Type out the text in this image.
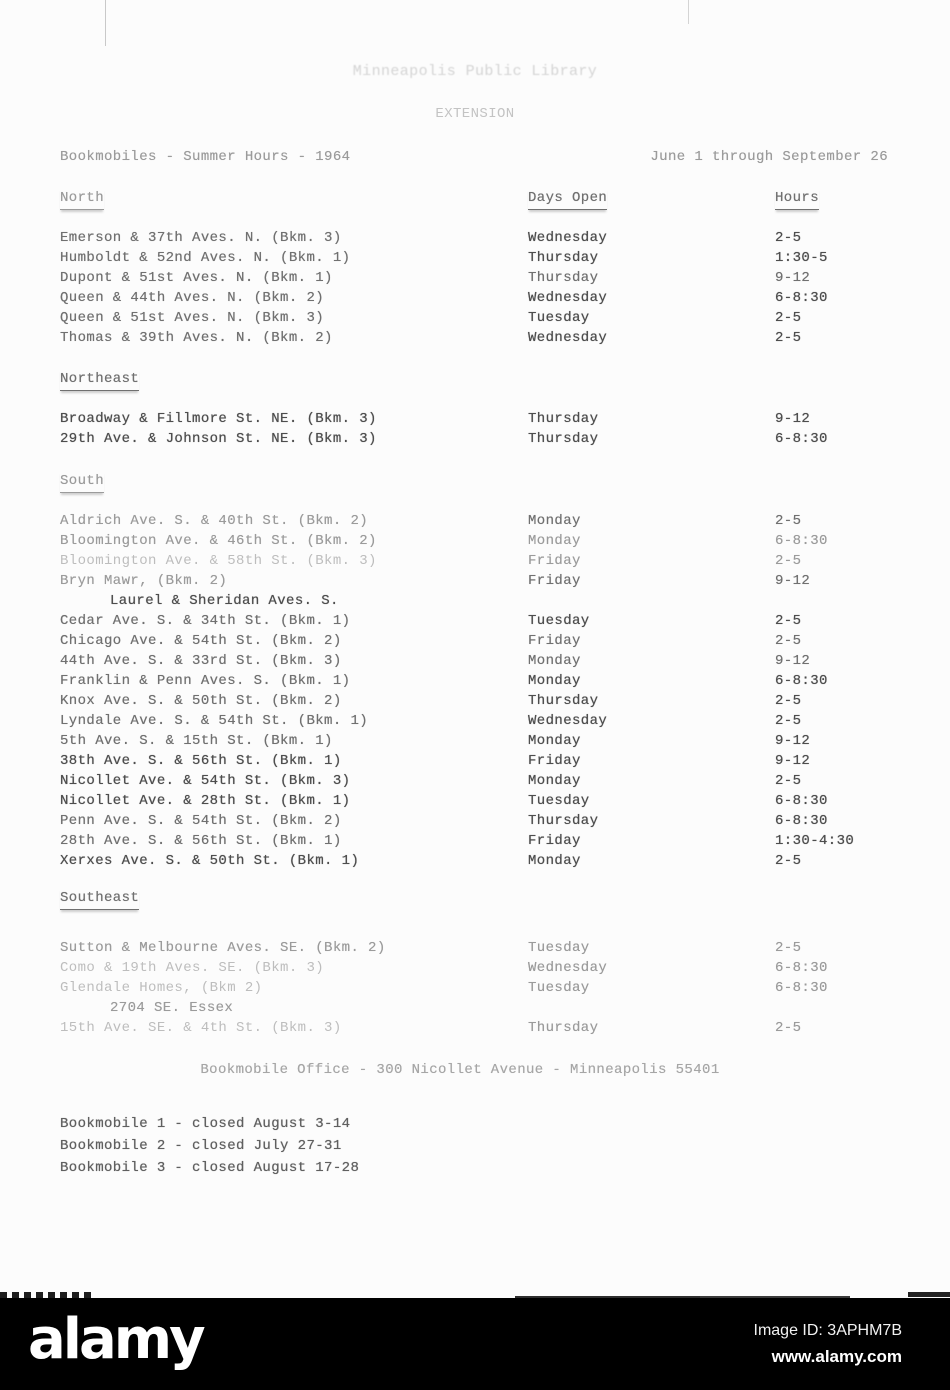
Minneapolis Public Library
EXTENSION
Bookmobiles - Summer Hours - 1964	June 1 through September 26
North	Days Open	Hours
Emerson & 37th Aves. N. (Bkm. 3)	Wednesday	2-5
Humboldt & 52nd Aves. N. (Bkm. 1)	Thursday	1:30-5
Dupont & 51st Aves. N. (Bkm. 1)	Thursday	9-12
Queen & 44th Aves. N. (Bkm. 2)	Wednesday	6-8:30
Queen & 51st Aves. N. (Bkm. 3)	Tuesday	2-5
Thomas & 39th Aves. N. (Bkm. 2)	Wednesday	2-5
Northeast
Broadway & Fillmore St. NE. (Bkm. 3)	Thursday	9-12
29th Ave. & Johnson St. NE. (Bkm. 3)	Thursday	6-8:30
South
Aldrich Ave. S. & 40th St. (Bkm. 2)	Monday	2-5
Bloomington Ave. & 46th St. (Bkm. 2)	Monday	6-8:30
Bloomington Ave. & 58th St. (Bkm. 3)	Friday	2-5
Bryn Mawr, (Bkm. 2)	Friday	9-12
Laurel & Sheridan Aves. S.
Cedar Ave. S. & 34th St. (Bkm. 1)	Tuesday	2-5
Chicago Ave. & 54th St. (Bkm. 2)	Friday	2-5
44th Ave. S. & 33rd St. (Bkm. 3)	Monday	9-12
Franklin & Penn Aves. S. (Bkm. 1)	Monday	6-8:30
Knox Ave. S. & 50th St. (Bkm. 2)	Thursday	2-5
Lyndale Ave. S. & 54th St. (Bkm. 1)	Wednesday	2-5
5th Ave. S. & 15th St. (Bkm. 1)	Monday	9-12
38th Ave. S. & 56th St. (Bkm. 1)	Friday	9-12
Nicollet Ave. & 54th St. (Bkm. 3)	Monday	2-5
Nicollet Ave. & 28th St. (Bkm. 1)	Tuesday	6-8:30
Penn Ave. S. & 54th St. (Bkm. 2)	Thursday	6-8:30
28th Ave. S. & 56th St. (Bkm. 1)	Friday	1:30-4:30
Xerxes Ave. S. & 50th St. (Bkm. 1)	Monday	2-5
Southeast
Sutton & Melbourne Aves. SE. (Bkm. 2)	Tuesday	2-5
Como & 19th Aves. SE. (Bkm. 3)	Wednesday	6-8:30
Glendale Homes, (Bkm 2)	Tuesday	6-8:30
2704 SE. Essex
15th Ave. SE. & 4th St. (Bkm. 3)	Thursday	2-5
Bookmobile Office - 300 Nicollet Avenue - Minneapolis 55401
Bookmobile 1 - closed August 3-14
Bookmobile 2 - closed July 27-31
Bookmobile 3 - closed August 17-28
alamy	Image ID: 3APHM7B
www.alamy.com
